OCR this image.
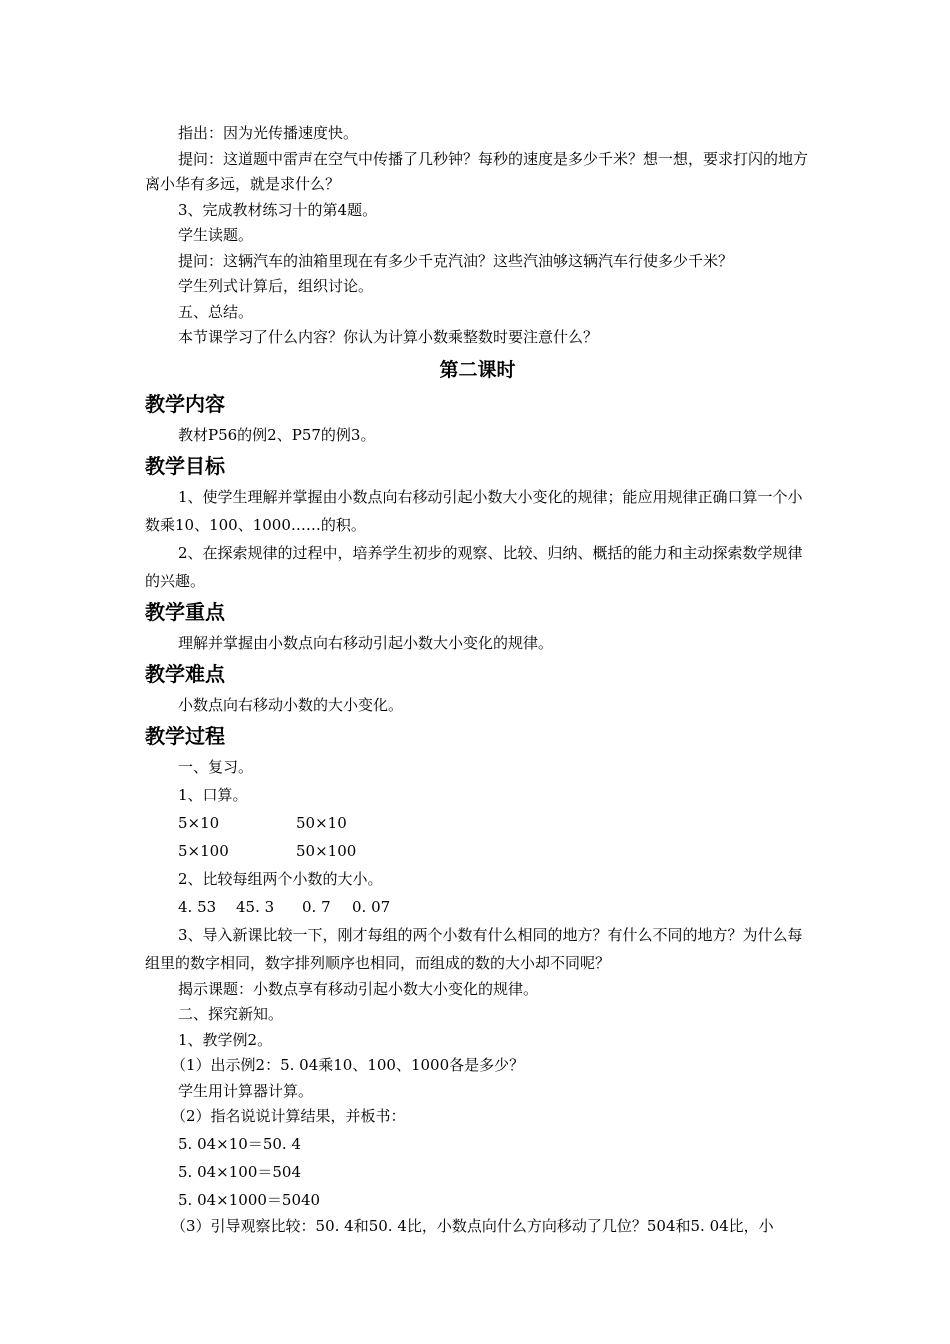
指出：因为光传播速度快。

提问：这道题中雷声在空气中传播了几秒钟？每秒的速度是多少千米？想一想，要求打闪的地方离小华有多远，就是求什么？

3、完成教材练习十的第4题。

学生读题。

提问：这辆汽车的油箱里现在有多少千克汽油？这些汽油够这辆汽车行使多少千米？

学生列式计算后，组织讨论。

五、总结。

本节课学习了什么内容？你认为计算小数乘整数时要注意什么？

第二课时
教学内容

教材P56的例2、P57的例3。

教学目标

1、使学生理解并掌握由小数点向右移动引起小数大小变化的规律；能应用规律正确口算一个小数乘10、100、1000……的积。

2、在探索规律的过程中，培养学生初步的观察、比较、归纳、概括的能力和主动探索数学规律的兴趣。

教学重点

理解并掌握由小数点向右移动引起小数大小变化的规律。

教学难点

小数点向右移动小数的大小变化。

教学过程

一、复习。

1、口算。

5×10	50×10
5×100	50×100

2、比较每组两个小数的大小。

4. 53	45. 3	0. 7	0. 07

3、导入新课比较一下，刚才每组的两个小数有什么相同的地方？有什么不同的地方？为什么每组里的数字相同，数字排列顺序也相同，而组成的数的大小却不同呢？

揭示课题：小数点享有移动引起小数大小变化的规律。

二、探究新知。

1、教学例2。

（1）出示例2：5. 04乘10、100、1000各是多少？

学生用计算器计算。

（2）指名说说计算结果，并板书：

5. 04×10＝50. 4

5. 04×100＝504

5. 04×1000＝5040

（3）引导观察比较：50. 4和50. 4比，小数点向什么方向移动了几位？504和5. 04比，小
